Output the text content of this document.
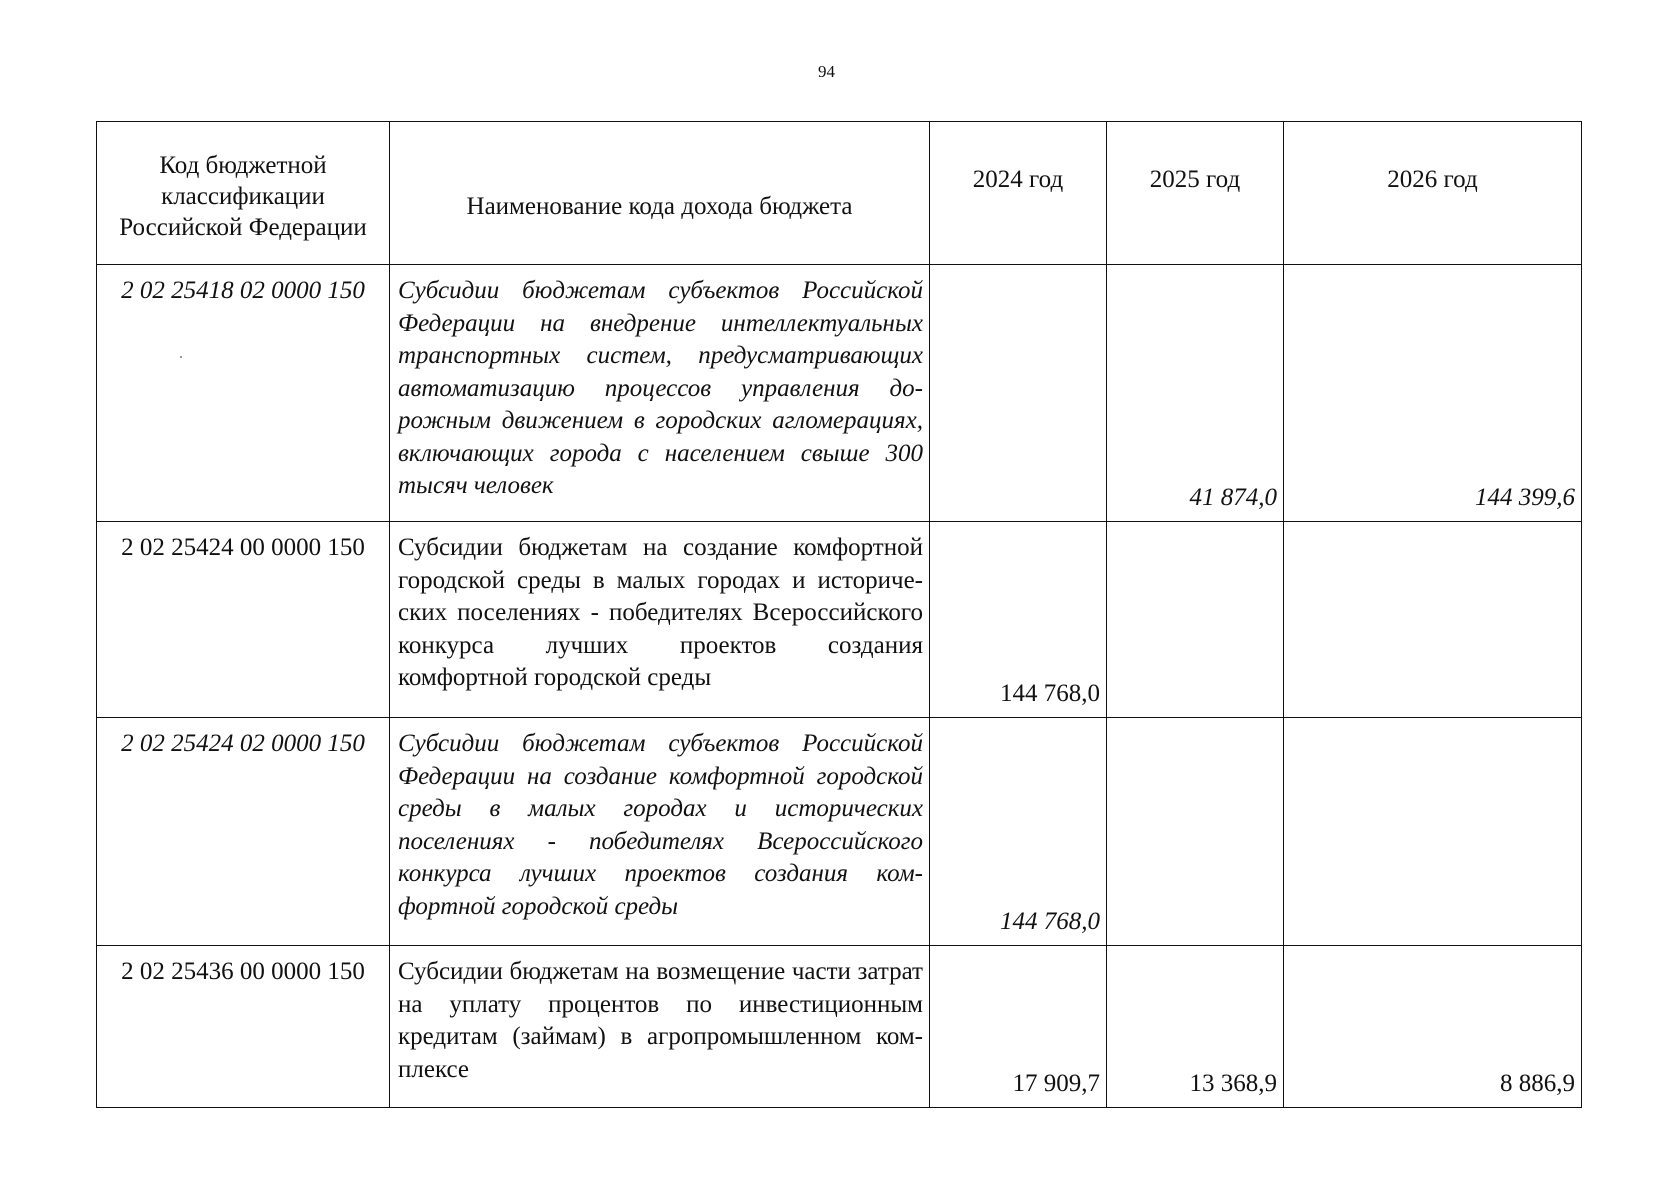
94
Код бюджетной классификации Российской Федерации	Наименование кода дохода бюджета	2024 год	2025 год	2026 год
2 02 25418 02 0000 150	Субсидии бюджетам субъектов Российской Федерации на внедрение интеллектуальных транспортных систем, предусматривающих автоматизацию процессов управления дорожным движением в городских агломерациях, включающих города с населением свыше 300 тысяч человек		41 874,0	144 399,6
2 02 25424 00 0000 150	Субсидии бюджетам на создание комфортной городской среды в малых городах и исторических поселениях - победителях Всероссийского конкурса лучших проектов создания комфортной городской среды	144 768,0		
2 02 25424 02 0000 150	Субсидии бюджетам субъектов Российской Федерации на создание комфортной городской среды в малых городах и исторических поселениях - победителях Всероссийского конкурса лучших проектов создания комфортной городской среды	144 768,0		
2 02 25436 00 0000 150	Субсидии бюджетам на возмещение части затрат на уплату процентов по инвестиционным кредитам (займам) в агропромышленном комплексе	17 909,7	13 368,9	8 886,9
